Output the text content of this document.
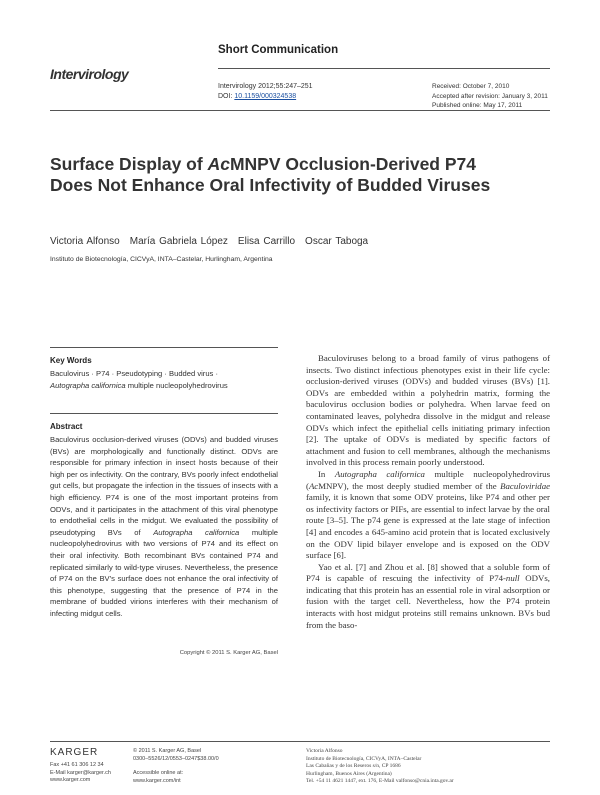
Short Communication
Intervirology
Intervirology 2012;55:247–251
DOI: 10.1159/000324538
Received: October 7, 2010
Accepted after revision: January 3, 2011
Published online: May 17, 2011
Surface Display of AcMNPV Occlusion-Derived P74 Does Not Enhance Oral Infectivity of Budded Viruses
Victoria Alfonso María Gabriela López Elisa Carrillo Oscar Taboga
Instituto de Biotecnología, CICVyA, INTA–Castelar, Hurlingham, Argentina
Key Words
Baculovirus · P74 · Pseudotyping · Budded virus ·
Autographa californica multiple nucleopolyhedrovirus
Abstract
Baculovirus occlusion-derived viruses (ODVs) and budded viruses (BVs) are morphologically and functionally distinct. ODVs are responsible for primary infection in insect hosts because of their high per os infectivity. On the contrary, BVs poorly infect endothelial gut cells, but propagate the infection in the tissues of insects with a high efficiency. P74 is one of the most important proteins from ODVs, and it participates in the attachment of this viral phenotype to endothelial cells in the midgut. We evaluated the possibility of pseudotyping BVs of Autographa californica multiple nucleopolyhedrovirus with two versions of P74 and its effect on their oral infectivity. Both recombinant BVs contained P74 and replicated similarly to wild-type viruses. Nevertheless, the presence of P74 on the BV’s surface does not enhance the oral infectivity of this phenotype, suggesting that the presence of P74 in the membrane of budded virions interferes with their mechanism of infecting midgut cells.
Copyright © 2011 S. Karger AG, Basel

Baculoviruses belong to a broad family of virus pathogens of insects. Two distinct infectious phenotypes exist in their life cycle: occlusion-derived viruses (ODVs) and budded viruses (BVs) [1]. ODVs are embedded within a polyhedrin matrix, forming the baculovirus occlusion bodies or polyhedra. When larvae feed on contaminated leaves, polyhedra dissolve in the midgut and release ODVs which infect the epithelial cells initiating primary infection [2]. The uptake of ODVs is mediated by specific factors of attachment and fusion to cell membranes, although the mechanisms involved in this process remain poorly understood.

In Autographa californica multiple nucleopolyhedrovirus (AcMNPV), the most deeply studied member of the Baculoviridae family, it is known that some ODV proteins, like P74 and other per os infectivity factors or PIFs, are essential to infect larvae by the oral route [3–5]. The p74 gene is expressed at the late stage of infection [4] and encodes a 645-amino acid protein that is located exclusively on the ODV lipid bilayer envelope and is exposed on the ODV surface [6].

Yao et al. [7] and Zhou et al. [8] showed that a soluble form of P74 is capable of rescuing the infectivity of P74-null ODVs, indicating that this protein has an essential role in viral adsorption or fusion with the target cell. Nevertheless, how the P74 protein interacts with host midgut proteins still remains unknown. BVs bud from the baso-

KARGER
Fax +41 61 306 12 34
E-Mail karger@karger.ch
www.karger.com
© 2011 S. Karger AG, Basel
0300–5526/12/0553–0247$38.00/0
Accessible online at:
www.karger.com/int
Victoria Alfonso
Instituto de Biotecnología, CICVyA, INTA–Castelar
Las Cabañas y de los Reseros s/n, CP 1686
Hurlingham, Buenos Aires (Argentina)
Tel. +54 11 4621 1447, ext. 176, E-Mail valfonso@cnia.inta.gov.ar
